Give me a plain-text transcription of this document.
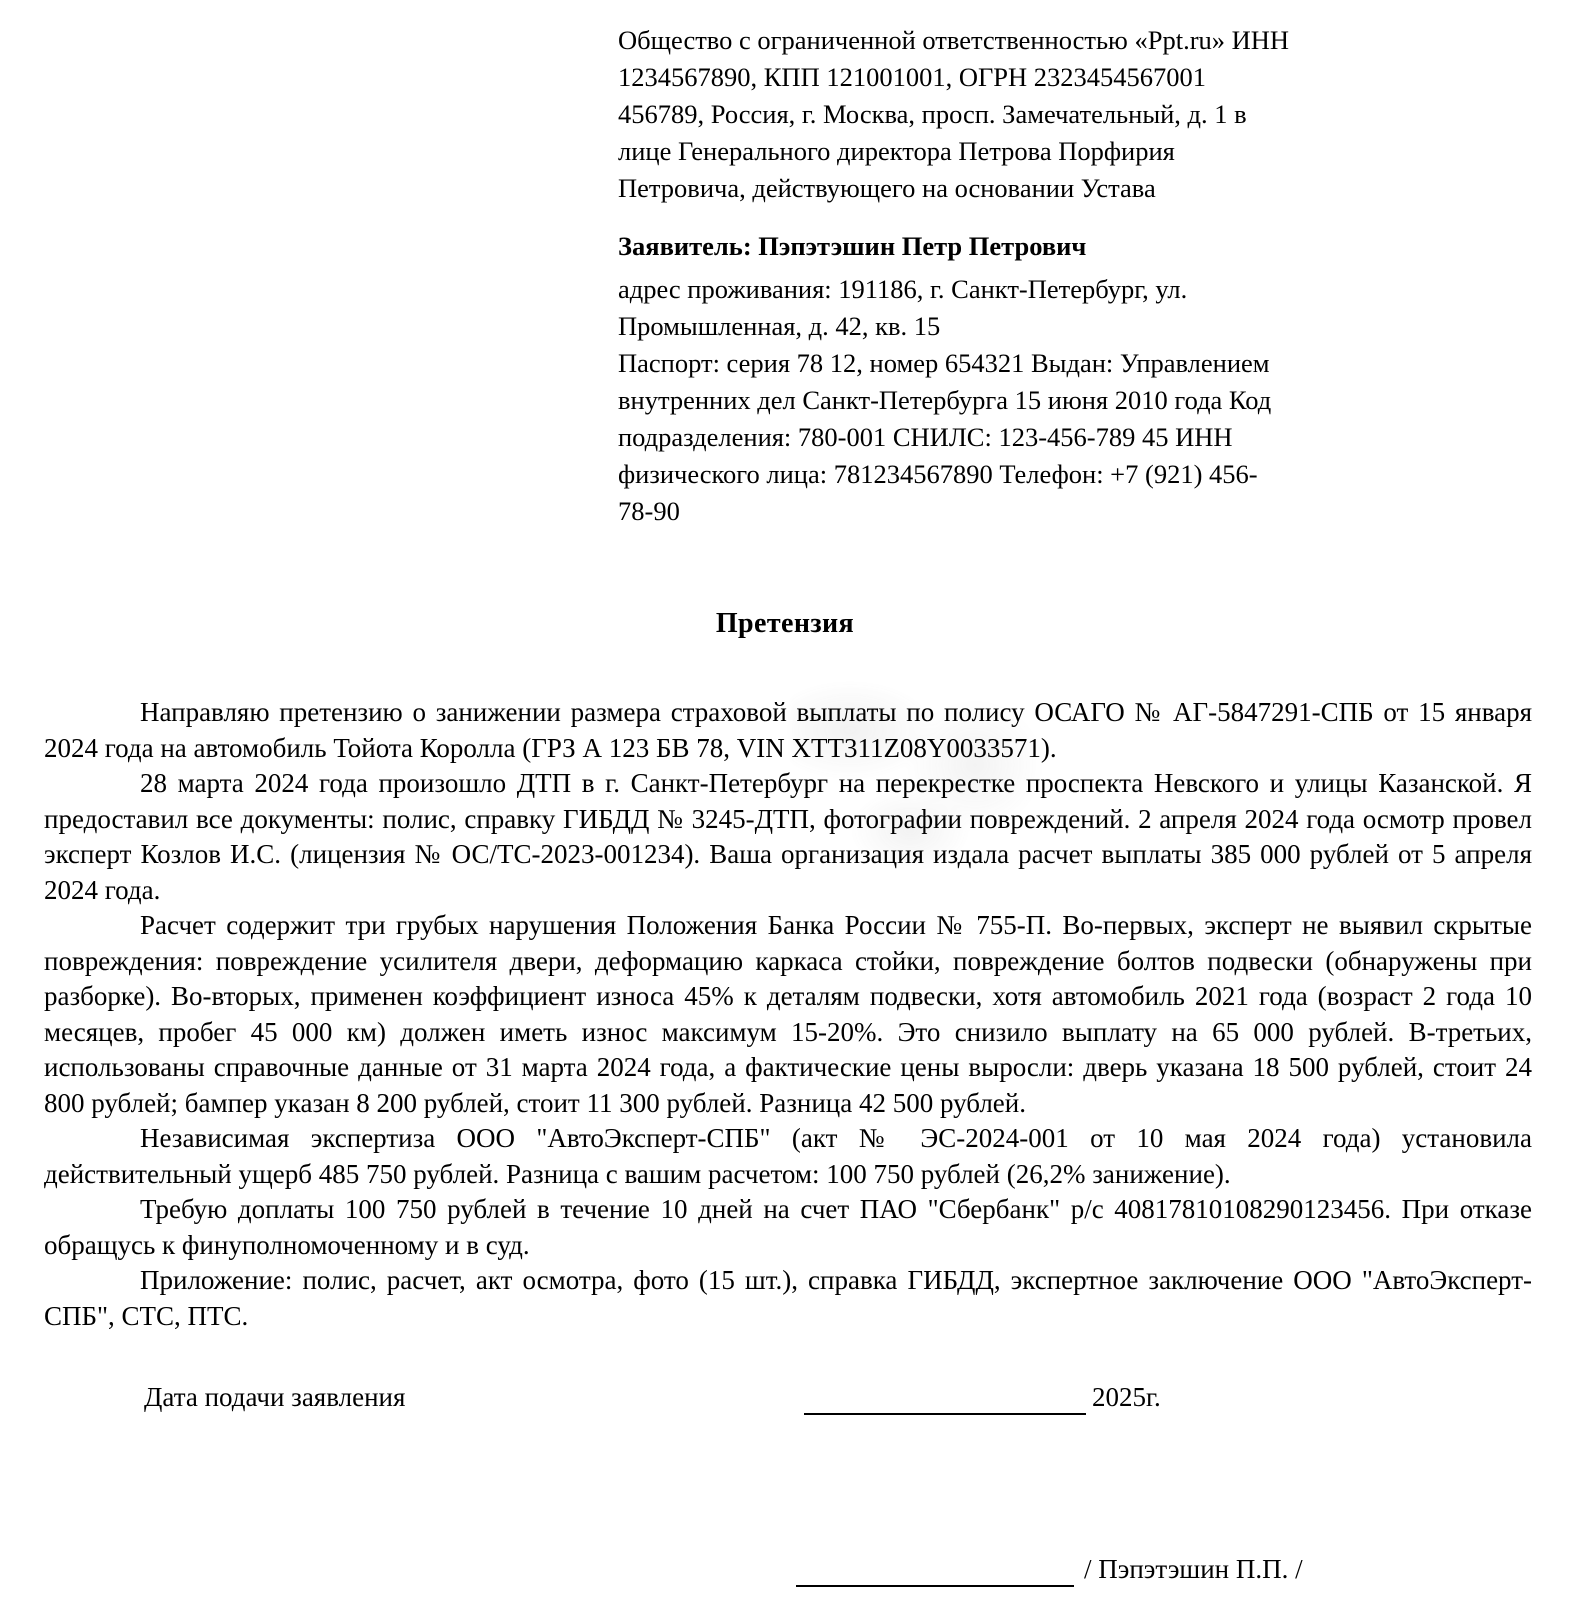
Общество с ограниченной ответственностью «Ppt.ru» ИНН

1234567890, КПП 121001001, ОГРН 2323454567001

456789, Россия, г. Москва, просп. Замечательный, д. 1 в

лице Генерального директора Петрова Порфирия

Петровича, действующего на основании Устава

Заявитель: Пэпэтэшин Петр Петрович

адрес проживания: 191186, г. Санкт-Петербург, ул.

Промышленная, д. 42, кв. 15

Паспорт: серия 78 12, номер 654321 Выдан: Управлением

внутренних дел Санкт-Петербурга 15 июня 2010 года Код

подразделения: 780-001 СНИЛС: 123-456-789 45 ИНН

физического лица: 781234567890 Телефон: +7 (921) 456-

78-90

Претензия

Направляю претензию о занижении размера страховой выплаты по полису ОСАГО № АГ-5847291-СПБ от 15 января 2024 года на автомобиль Тойота Королла (ГРЗ А 123 БВ 78, VIN XTT311Z08Y0033571).

28 марта 2024 года произошло ДТП в г. Санкт-Петербург на перекрестке проспекта Невского и улицы Казанской. Я предоставил все документы: полис, справку ГИБДД № 3245-ДТП, фотографии повреждений. 2 апреля 2024 года осмотр провел эксперт Козлов И.С. (лицензия № ОС/ТС-2023-001234). Ваша организация издала расчет выплаты 385 000 рублей от 5 апреля 2024 года.

Расчет содержит три грубых нарушения Положения Банка России № 755-П. Во-первых, эксперт не выявил скрытые повреждения: повреждение усилителя двери, деформацию каркаса стойки, повреждение болтов подвески (обнаружены при разборке). Во-вторых, применен коэффициент износа 45% к деталям подвески, хотя автомобиль 2021 года (возраст 2 года 10 месяцев, пробег 45 000 км) должен иметь износ максимум 15-20%. Это снизило выплату на 65 000 рублей. В-третьих, использованы справочные данные от 31 марта 2024 года, а фактические цены выросли: дверь указана 18 500 рублей, стоит 24 800 рублей; бампер указан 8 200 рублей, стоит 11 300 рублей. Разница 42 500 рублей.

Независимая экспертиза ООО "АвтоЭксперт-СПБ" (акт № ЭС-2024-001 от 10 мая 2024 года) установила действительный ущерб 485 750 рублей. Разница с вашим расчетом: 100 750 рублей (26,2% занижение).

Требую доплаты 100 750 рублей в течение 10 дней на счет ПАО "Сбербанк" р/с 40817810108290123456. При отказе обращусь к финуполномоченному и в суд.

Приложение: полис, расчет, акт осмотра, фото (15 шт.), справка ГИБДД, экспертное заключение ООО "АвтоЭксперт-СПБ", СТС, ПТС.

Дата подачи заявления	2025г.
/ Пэпэтэшин П.П. /
